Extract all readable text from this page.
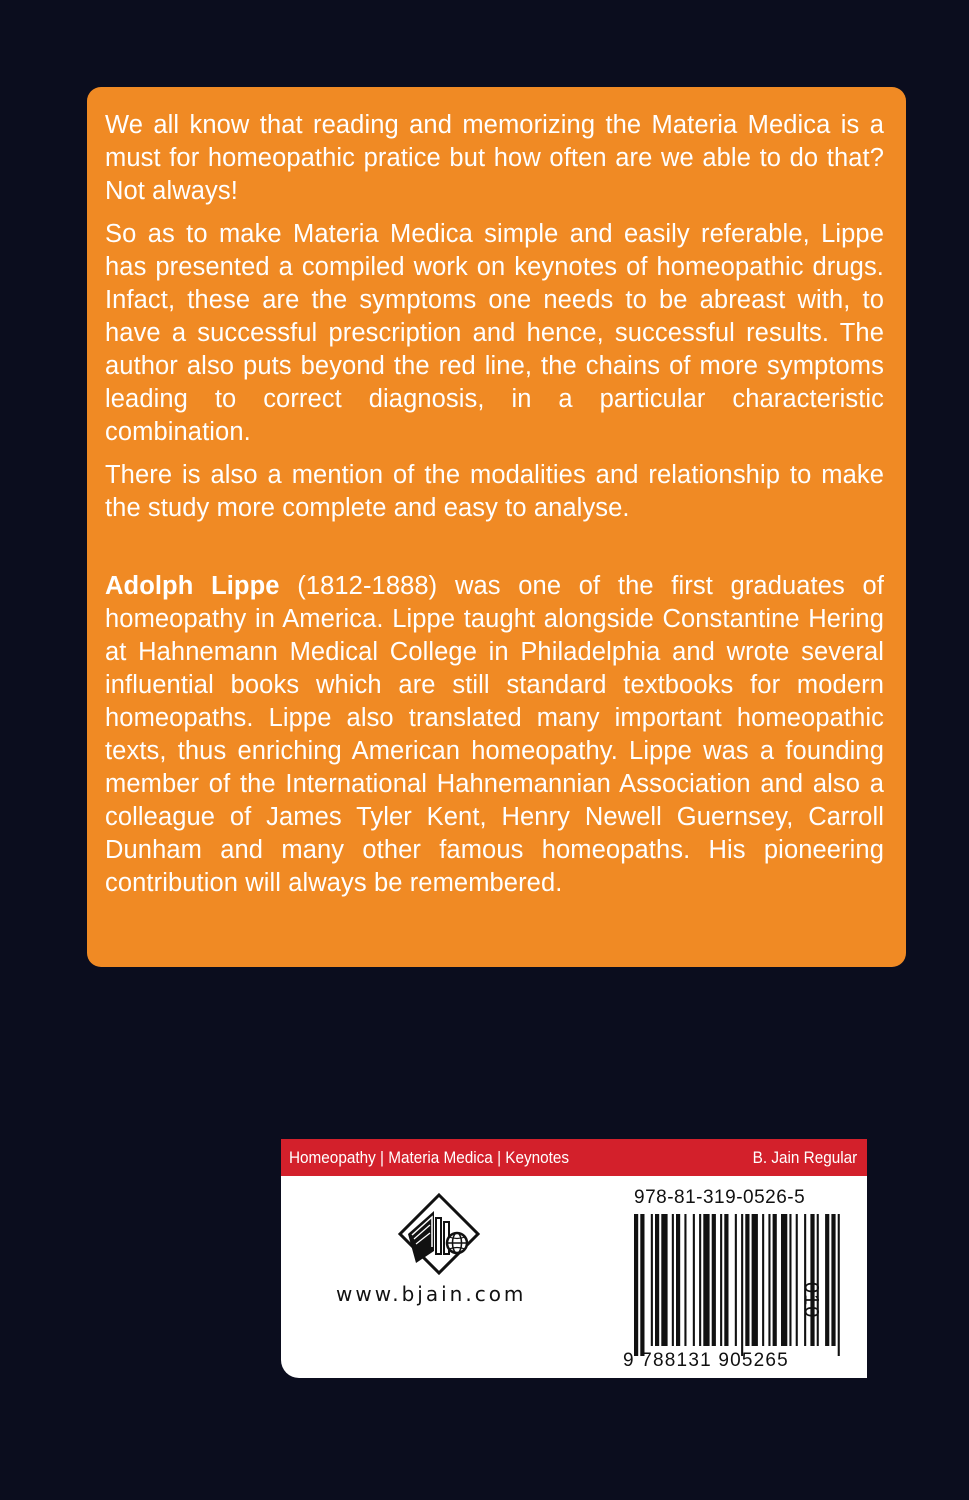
We all know that reading and memorizing the Materia Medica is a must for homeopathic pratice but how often are we able to do that? Not always!

So as to make Materia Medica simple and easily referable, Lippe has presented a compiled work on keynotes of homeopathic drugs. Infact, these are the symptoms one needs to be abreast with, to have a successful prescription and hence, successful results. The author also puts beyond the red line, the chains of more symptoms leading to correct diagnosis, in a particular characteristic combination.

There is also a mention of the modalities and relationship to make the study more complete and easy to analyse.

Adolph Lippe (1812-1888) was one of the first graduates of homeopathy in America. Lippe taught alongside Constantine Hering at Hahnemann Medical College in Philadelphia and wrote several influential books which are still standard textbooks for modern homeopaths. Lippe also translated many important homeopathic texts, thus enriching American homeopathy. Lippe was a founding member of the International Hahnemannian Association and also a colleague of James Tyler Kent, Henry Newell Guernsey, Carroll Dunham and many other famous homeopaths. His pioneering contribution will always be remembered.

Homeopathy | Materia Medica | Keynotes	B. Jain Regular
www.bjain.com
978-81-319-0526-5
010
9 788131 905265
